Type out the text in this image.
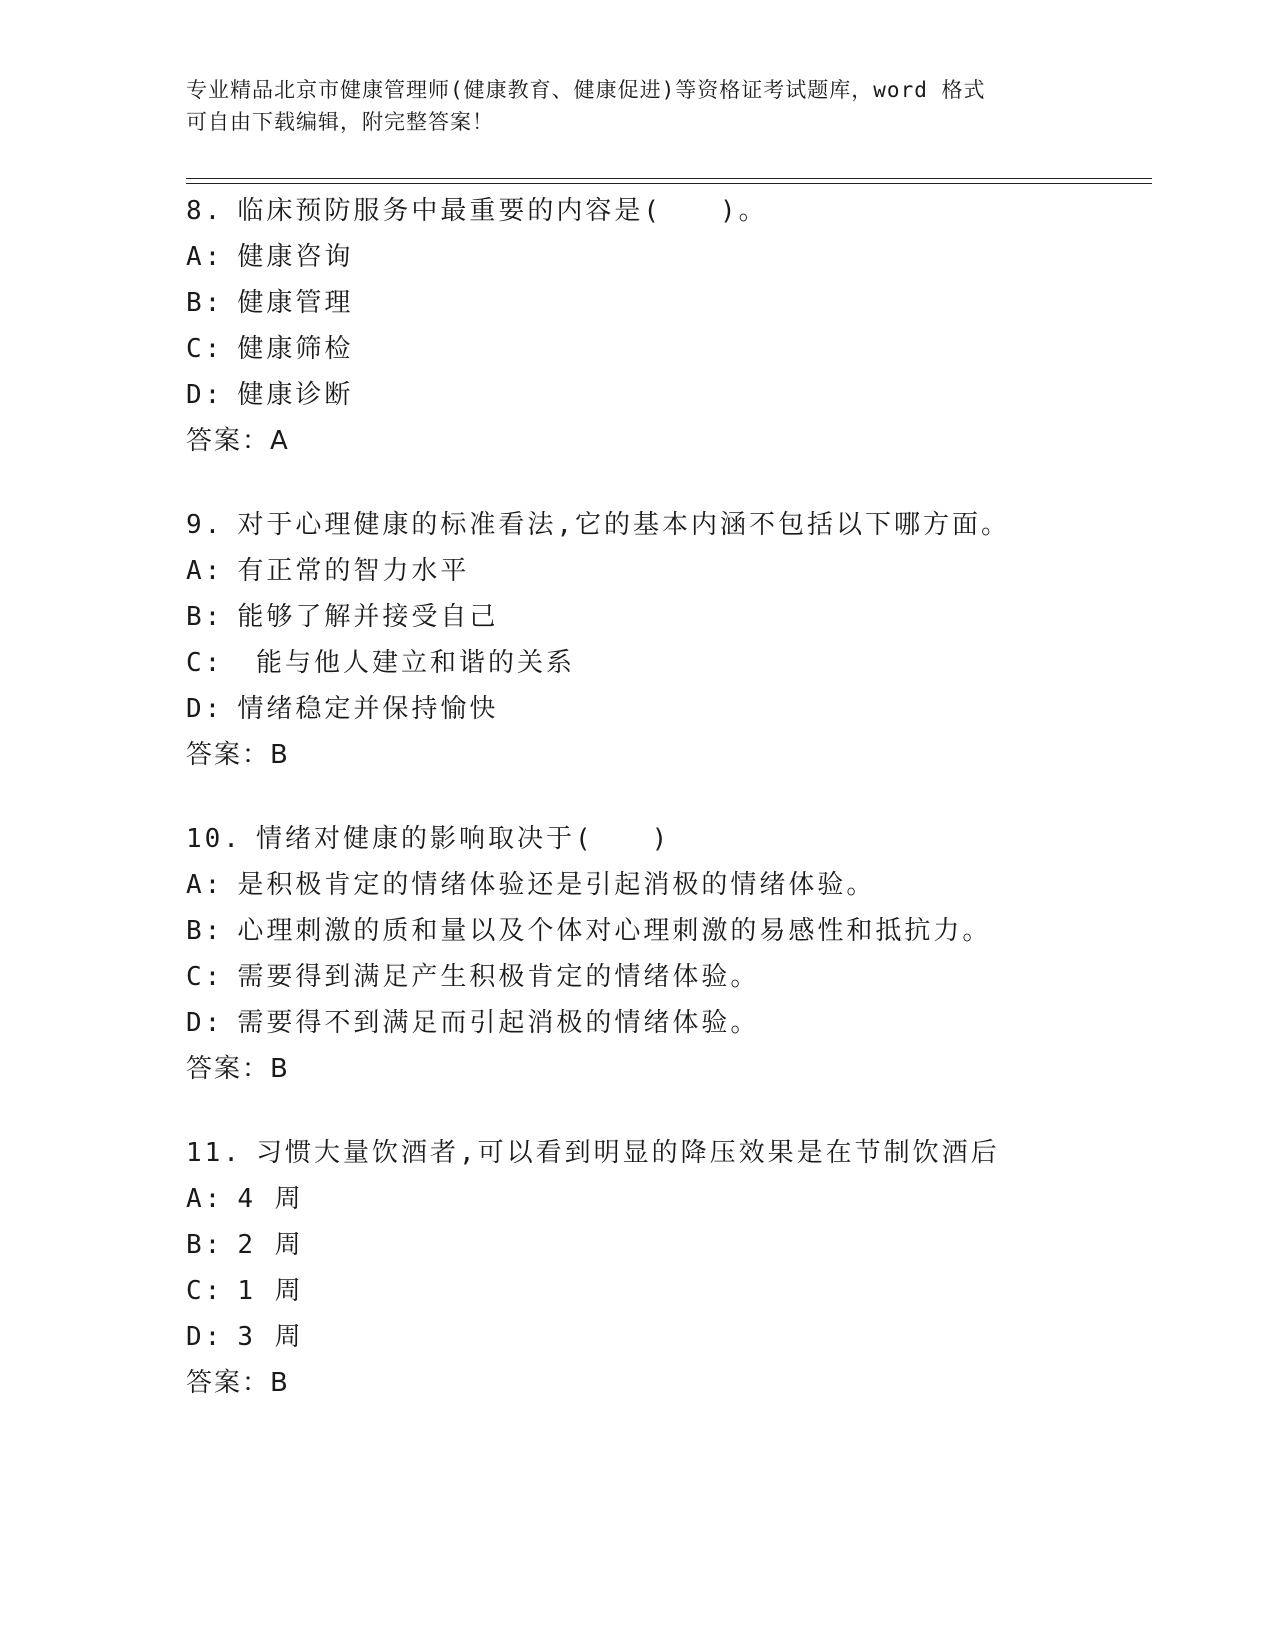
专业精品北京市健康管理师(健康教育、健康促进)等资格证考试题库，word 格式
可自由下载编辑，附完整答案！
8. 临床预防服务中最重要的内容是(　　)。
A: 健康咨询
B: 健康管理
C: 健康筛检
D: 健康诊断
答案：A
9. 对于心理健康的标准看法,它的基本内涵不包括以下哪方面。
A: 有正常的智力水平
B: 能够了解并接受自己
C: 能与他人建立和谐的关系
D: 情绪稳定并保持愉快
答案：B
10. 情绪对健康的影响取决于(　　)
A: 是积极肯定的情绪体验还是引起消极的情绪体验。
B: 心理刺激的质和量以及个体对心理刺激的易感性和抵抗力。
C: 需要得到满足产生积极肯定的情绪体验。
D: 需要得不到满足而引起消极的情绪体验。
答案：B
11. 习惯大量饮酒者,可以看到明显的降压效果是在节制饮酒后
A: 4 周
B: 2 周
C: 1 周
D: 3 周
答案：B
